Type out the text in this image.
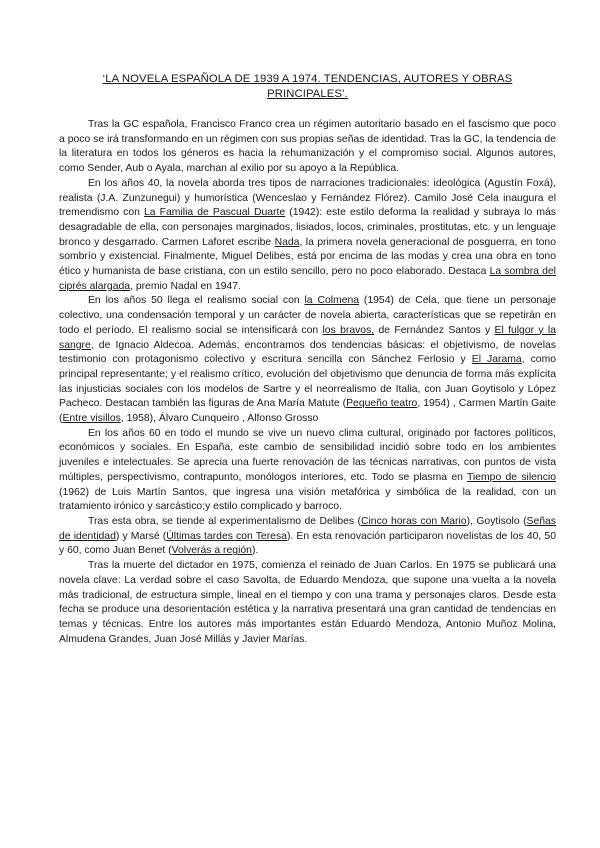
‘LA NOVELA ESPAÑOLA DE 1939 A 1974. TENDENCIAS, AUTORES Y OBRAS
PRINCIPALES’.

Tras la GC española, Francisco Franco crea un régimen autoritario basado en el fascismo que poco a poco se irá transformando en un régimen con sus propias señas de identidad. Tras la GC, la tendencia de la literatura en todos los géneros es hacia la rehumanización y el compromiso social. Algunos autores, como Sender, Aub o Ayala, marchan al exilio por su apoyo a la República.

En los años 40, la novela aborda tres tipos de narraciones tradicionales: ideológica (Agustín Foxá), realista (J.A. Zunzunegui) y humorística (Wenceslao y Fernández Flórez). Camilo José Cela inaugura el tremendismo con La Familia de Pascual Duarte (1942): este estilo deforma la realidad y subraya lo más desagradable de ella, con personajes marginados, lisiados, locos, criminales, prostitutas, etc. y un lenguaje bronco y desgarrado. Carmen Laforet escribe Nada, la primera novela generacional de posguerra, en tono sombrío y existencial. Finalmente, Miguel Delibes, está por encima de las modas y crea una obra en tono ético y humanista de base cristiana, con un estilo sencillo, pero no poco elaborado. Destaca La sombra del ciprés alargada, premio Nadal en 1947.

En los años 50 llega el realismo social con la Colmena (1954) de Cela, que tiene un personaje colectivo, una condensación temporal y un carácter de novela abierta, características que se repetirán en todo el período. El realismo social se intensificará con los bravos, de Fernández Santos y El fulgor y la sangre, de Ignacio Aldecoa. Además, encontramos dos tendencias básicas: el objetivismo, de novelas testimonio con protagonismo colectivo y escritura sencilla con Sánchez Ferlosio y El Jarama, como principal representante; y el realismo crítico, evolución del objetivismo que denuncia de forma más explícita las injusticias sociales con los modelos de Sartre y el neorrealismo de Italia, con Juan Goytisolo y López Pacheco. Destacan también las figuras de Ana María Matute (Pequeño teatro, 1954) , Carmen Martín Gaite (Entre visillos, 1958), Álvaro Cunqueiro , Alfonso Grosso

En los años 60 en todo el mundo se vive un nuevo clima cultural, originado por factores políticos, económicos y sociales. En España, este cambio de sensibilidad incidió sobre todo en los ambientes juveniles e intelectuales. Se aprecia una fuerte renovación de las técnicas narrativas, con puntos de vista múltiples, perspectivismo, contrapunto, monólogos interiores, etc. Todo se plasma en Tiempo de silencio (1962) de Luis Martín Santos, que ingresa una visión metafórica y simbólica de la realidad, con un tratamiento irónico y sarcástico;y estilo complicado y barroco.

Tras esta obra, se tiende al experimentalismo de Delibes (Cinco horas con Mario), Goytisolo (Señas de identidad) y Marsé (Últimas tardes con Teresa). En esta renovación participaron novelistas de los 40, 50 y 60, como Juan Benet (Volverás a región).

Tras la muerte del dictador en 1975, comienza el reinado de Juan Carlos. En 1975 se publicará una novela clave: La verdad sobre el caso Savolta, de Eduardo Mendoza, que supone una vuelta a la novela más tradicional, de estructura simple, lineal en el tiempo y con una trama y personajes claros. Desde esta fecha se produce una desorientación estética y la narrativa presentará una gran cantidad de tendencias en temas y técnicas. Entre los autores más importantes están Eduardo Mendoza, Antonio Muñoz Molina, Almudena Grandes, Juan José Millás y Javier Marías.
